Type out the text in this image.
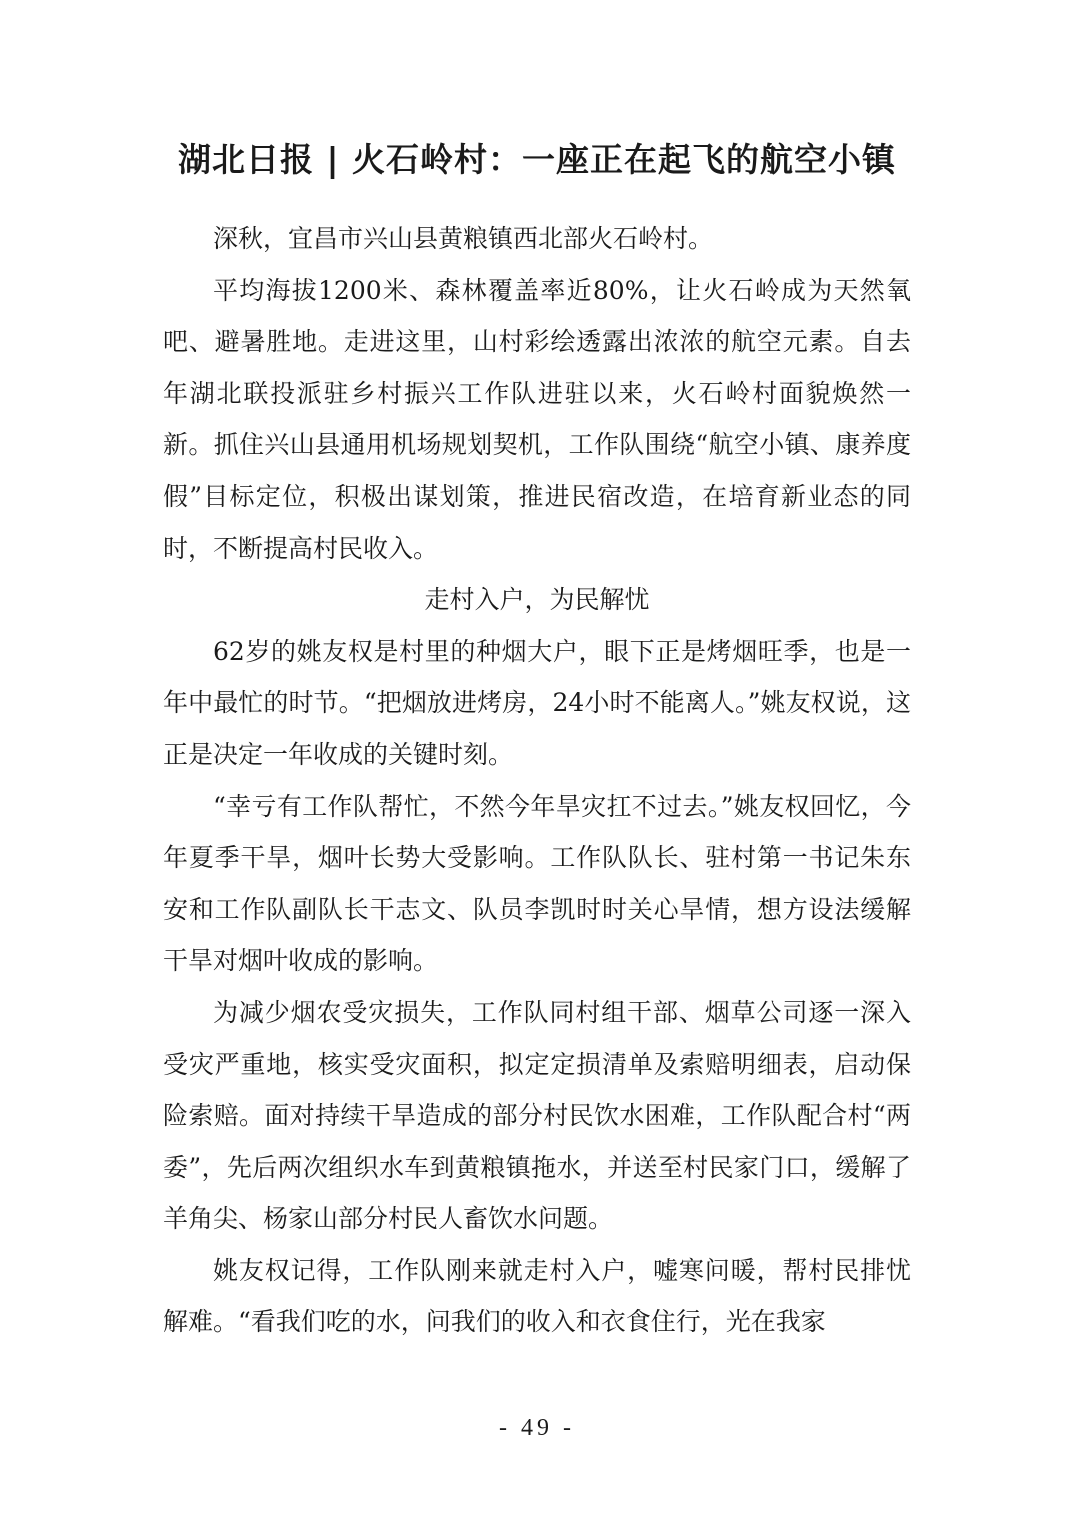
湖北日报 | 火石岭村：一座正在起飞的航空小镇

深秋，宜昌市兴山县黄粮镇西北部火石岭村。

平均海拔1200米、森林覆盖率近80%，让火石岭成为天然氧吧、避暑胜地。走进这里，山村彩绘透露出浓浓的航空元素。自去年湖北联投派驻乡村振兴工作队进驻以来，火石岭村面貌焕然一新。抓住兴山县通用机场规划契机，工作队围绕“航空小镇、康养度假”目标定位，积极出谋划策，推进民宿改造，在培育新业态的同时，不断提高村民收入。

走村入户，为民解忧

62岁的姚友权是村里的种烟大户，眼下正是烤烟旺季，也是一年中最忙的时节。“把烟放进烤房，24小时不能离人。”姚友权说，这正是决定一年收成的关键时刻。

“幸亏有工作队帮忙，不然今年旱灾扛不过去。”姚友权回忆，今年夏季干旱，烟叶长势大受影响。工作队队长、驻村第一书记朱东安和工作队副队长干志文、队员李凯时时关心旱情，想方设法缓解干旱对烟叶收成的影响。

为减少烟农受灾损失，工作队同村组干部、烟草公司逐一深入受灾严重地，核实受灾面积，拟定定损清单及索赔明细表，启动保险索赔。面对持续干旱造成的部分村民饮水困难，工作队配合村“两委”，先后两次组织水车到黄粮镇拖水，并送至村民家门口，缓解了羊角尖、杨家山部分村民人畜饮水问题。

姚友权记得，工作队刚来就走村入户，嘘寒问暖，帮村民排忧解难。“看我们吃的水，问我们的收入和衣食住行，光在我家

- 49 -
